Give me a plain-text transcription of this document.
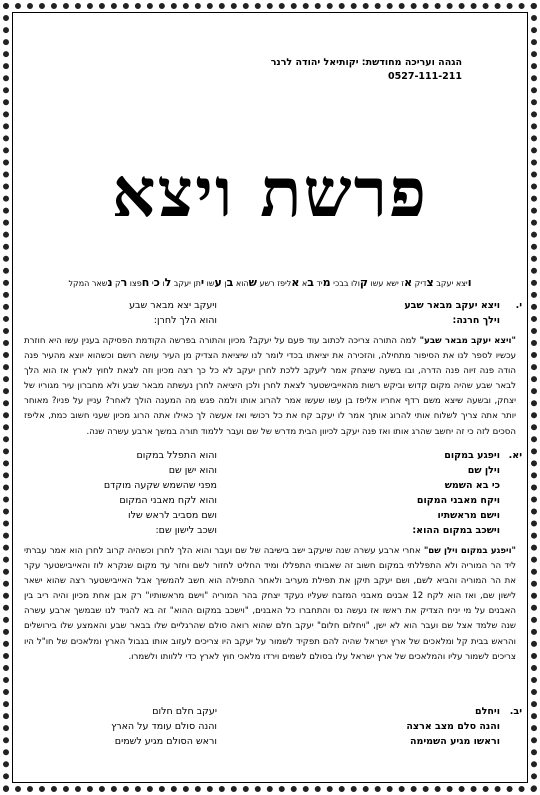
הגהה ועריכה מחודשת: יקותיאל יהודה לרנר
0527-111-211
פרשת ויצא
ויצא יעקב צדיק אז ישא עשו קולו בבכי מיד בא אליפז רשע שהוא בן עשו יתן יעקב לו כי חפצו רק נשאר המקל
י.
ויצא יעקב מבאר שבע
ויעקב יצא מבאר שבע
וילך חרנה:
והוא הלך לחרן:
"ויצא יעקב מבאר שבע" למה התורה צריכה לכתוב עוד פעם על יעקב? מכיון והתורה בפרשה הקודמת הפסיקה בענין עשו היא חוזרת עכשיו לספר לנו את הסיפור מתחילה, והזכירה את יציאתו בכדי לומר לנו שיציאת הצדיק מן העיר עושה רושם וכשהוא יוצא מהעיר פנה הודה פנה זיוה פנה הדרה, ובו בשעה שיצחק אמר ליעקב ללכת לחרן יעקב לא כל כך רצה מכיון וזה לצאת לחוץ לארץ אז הוא הלך לבאר שבע שהיה מקום קדוש וביקש רשות מהאייבישטער לצאת לחרן ולכן היציאה לחרן נעשתה מבאר שבע ולא מחברון עיר מגוריו של יצחק, ובשעה שיצא משם רדף אחריו אליפז בן עשו שעשו אמר להרוג אותו ולמה פגש מה המענה הולך לאחר? עניין על פניו? מאוחר יותר אתה צריך לשלוח אותי להרוג אותך אמר לו יעקב קח את כל רכושי ואז אעשה לך כאילו אתה הרוג מכיון שעני חשוב כמת, אליפז הסכים לזה כי זה יחשב שהרג אותו ואז פנה יעקב לכיוון הבית מדרש של שם ועבר ללמוד תורה במשך ארבע עשרה שנה.
יא.
ויפגע במקום
והוא התפלל במקום
וילן שם
והוא ישן שם
כי בא השמש
מפני שהשמש שקעה מוקדם
ויקח מאבני המקום
והוא לקח מאבני המקום
וישם מראשתיו
ושם מסביב לראש שלו
וישכב במקום ההוא:
ושכב לישון שם:
"ויפגע במקום וילן שם" אחרי ארבע עשרה שנה שיעקב ישב בישיבה של שם ועבר והוא הלך לחרן וכשהיה קרוב לחרן הוא אמר עברתי ליד הר המוריה ולא התפללתי במקום חשוב זה שאבותי התפללו ומיד החליט לחזור לשם וחזר עד מקום שנקרא לוז והאייבישטער עקר את הר המוריה והביא לשם, ושם יעקב תיקן את תפילת מעריב ולאחר התפילה הוא חשב להמשיך אבל האייבישטער רצה שהוא ישאר לישון שם, ואז הוא לקח 12 אבנים מאבני המזבח שעליו נעקד יצחק בהר המוריה "וישם מראשותיו" רק אבן אחת מכיון והיה ריב בין האבנים על מי יניח הצדיק את ראשו אז נעשה נס והתחברו כל האבנים, "וישכב במקום ההוא" זה בא להגיד לנו שבמשך ארבע עשרה שנה שלמד אצל שם ועבר הוא לא ישן, "ויחלום חלום" יעקב חלם שהוא רואה סולם שהרגליים שלו בבאר שבע והאמצע שלו בירושלים והראש בבית קל ומלאכים של ארץ ישראל שהיה להם תפקיד לשמור על יעקב היו צריכים לעזוב אותו בגבול הארץ ומלאכים של חו"ל היו צריכים לשמור עליו והמלאכים של ארץ ישראל עלו בסולם לשמים וירדו מלאכי חוץ לארץ כדי ללוותו ולשמרו.
יב.
ויחלם
יעקב חלם חלום
והנה סלם מצב ארצה
והנה סולם עומד על הארץ
וראשו מגיע השמימה
וראש הסולם מגיע לשמים
